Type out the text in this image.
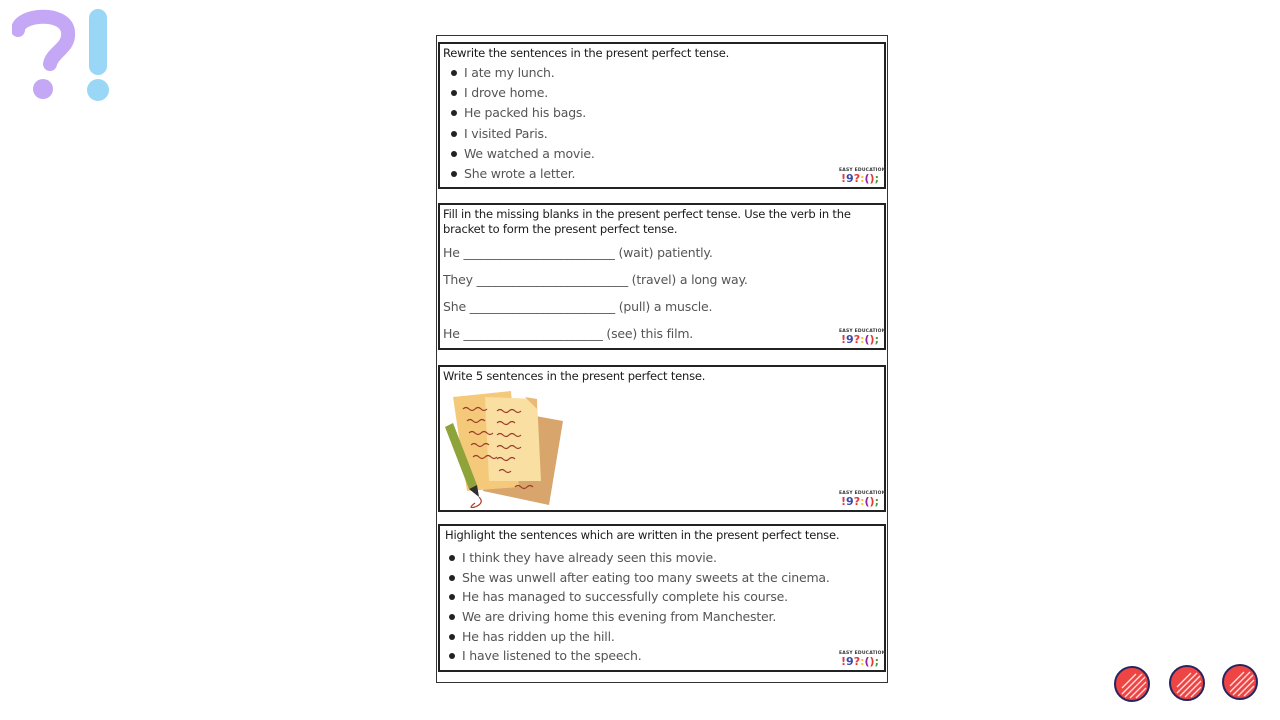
Rewrite the sentences in the present perfect tense.
I ate my lunch.
I drove home.
He packed his bags.
I visited Paris.
We watched a movie.
She wrote a letter.	EASY EDUCATION
!9?:();
Fill in the missing blanks in the present perfect tense. Use the verb in the bracket to form the present perfect tense.
He _________________________ (wait) patiently.
They _________________________ (travel) a long way.
She ________________________ (pull) a muscle.
He _______________________ (see) this film.	EASY EDUCATION
!9?:();
Write 5 sentences in the present perfect tense.
EASY EDUCATION
!9?:();
Highlight the sentences which are written in the present perfect tense.
I think they have already seen this movie.
She was unwell after eating too many sweets at the cinema.
He has managed to successfully complete his course.
We are driving home this evening from Manchester.
He has ridden up the hill.
I have listened to the speech.	EASY EDUCATION
!9?:();
